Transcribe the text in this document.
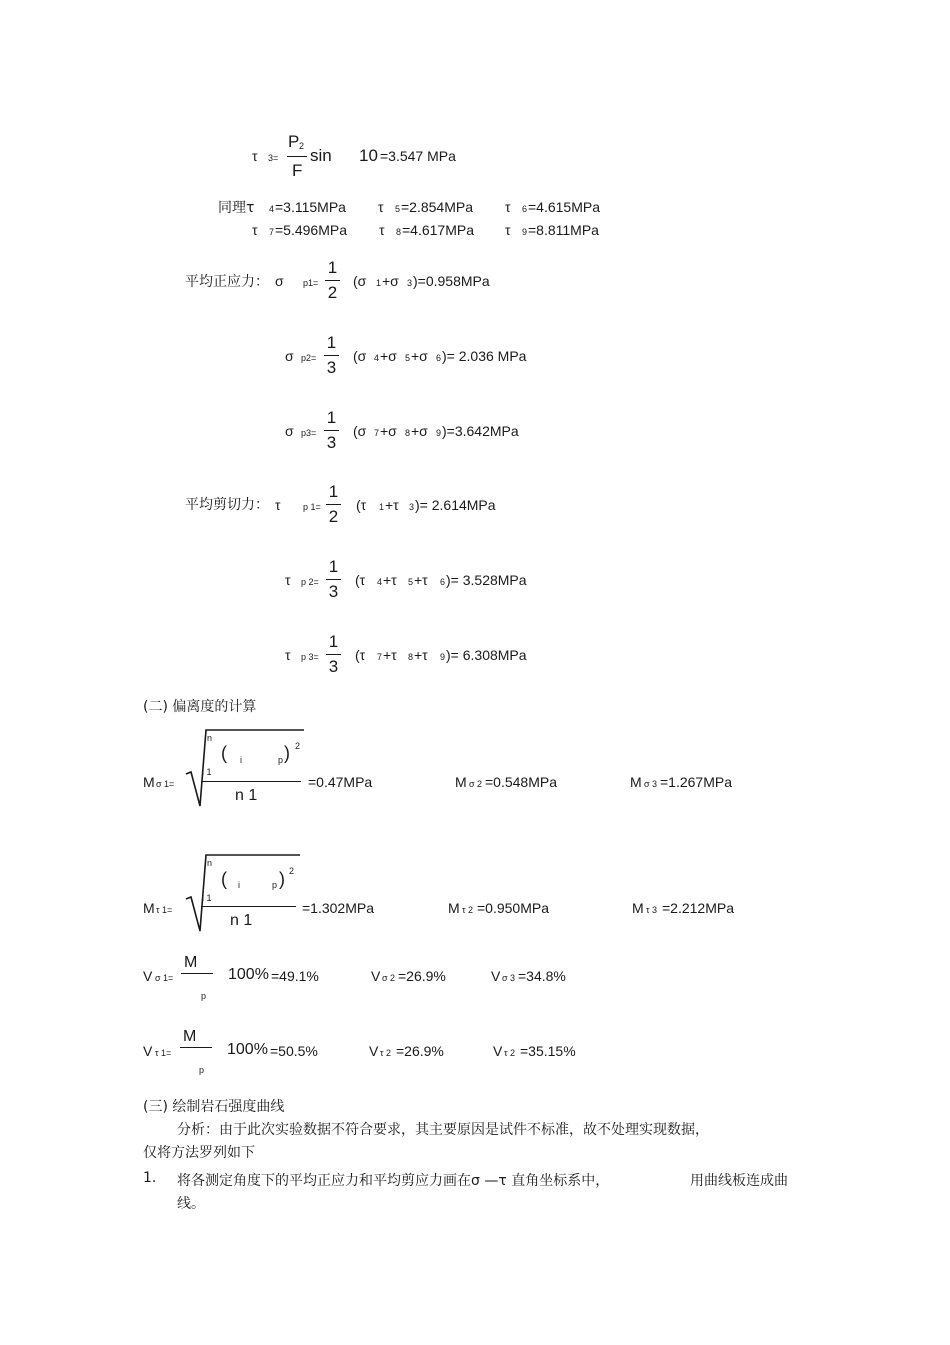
τ 3=
P 2
F
sin 10 =3.547 MPa
同理τ 4 =3.115MPa τ 5 =2.854MPa τ 6 =4.615MPa
τ 7 =5.496MPa τ 8 =4.617MPa τ 9 =8.811MPa
平均正应力： σ p1=
1
2
(σ 1 +σ 3 )=0.958MPa
σ p2=
1
3
(σ 4 +σ 5 +σ 6 )= 2.036 MPa
σ p3=
1
3
(σ 7 +σ 8 +σ 9 )=3.642MPa
平均剪切力： τ p 1=
1
2
(τ 1 +τ 3 )= 2.614MPa
τ p 2=
1
3
(τ 4 +τ 5 +τ 6 )= 3.528MPa
τ p 3=
1
3
(τ 7 +τ 8 +τ 9 )= 6.308MPa
(二) 偏离度的计算
M σ 1=
n
( i	p ) 2
i 1
n 1
=0.47MPa	M σ 2 =0.548MPa	M σ 3 =1.267MPa
M τ 1=
n
( i	p ) 2
i 1
n 1
=1.302MPa	M τ 2 =0.950MPa	M τ 3 =2.212MPa
V σ 1=
M
p
100% =49.1%	V σ 2 =26.9%	V σ 3 =34.8%
V τ 1=
M
p
100% =50.5%	V τ 2 =26.9%	V τ 2 =35.15%
(三) 绘制岩石强度曲线
分析：由于此次实验数据不符合要求，其主要原因是试件不标准，故不处理实现数据，
仅将方法罗列如下
1. 将各测定角度下的平均正应力和平均剪应力画在σ —τ 直角坐标系中，	用曲线板连成曲
线。
